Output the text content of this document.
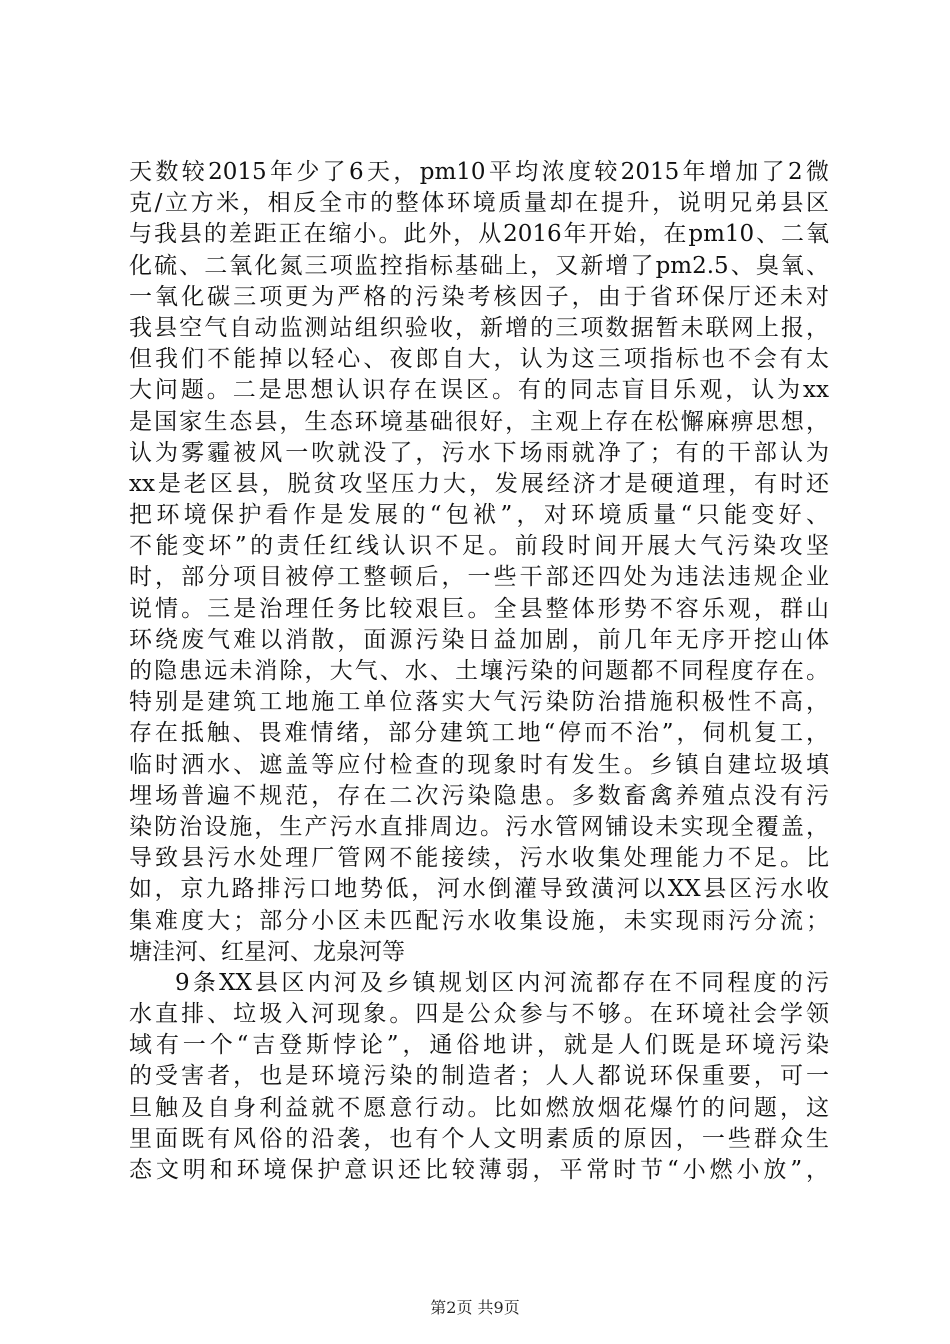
天数较2015年少了6天，pm10平均浓度较2015年增加了2微
克/立方米，相反全市的整体环境质量却在提升，说明兄弟县区
与我县的差距正在缩小。此外，从2016年开始，在pm10、二氧
化硫、二氧化氮三项监控指标基础上，又新增了pm2.5、臭氧、
一氧化碳三项更为严格的污染考核因子，由于省环保厅还未对
我县空气自动监测站组织验收，新增的三项数据暂未联网上报，
但我们不能掉以轻心、夜郎自大，认为这三项指标也不会有太
大问题。二是思想认识存在误区。有的同志盲目乐观，认为xx
是国家生态县，生态环境基础很好，主观上存在松懈麻痹思想，
认为雾霾被风一吹就没了，污水下场雨就净了；有的干部认为
xx是老区县，脱贫攻坚压力大，发展经济才是硬道理，有时还
把环境保护看作是发展的“包袱”，对环境质量“只能变好、
不能变坏”的责任红线认识不足。前段时间开展大气污染攻坚
时，部分项目被停工整顿后，一些干部还四处为违法违规企业
说情。三是治理任务比较艰巨。全县整体形势不容乐观，群山
环绕废气难以消散，面源污染日益加剧，前几年无序开挖山体
的隐患远未消除，大气、水、土壤污染的问题都不同程度存在。
特别是建筑工地施工单位落实大气污染防治措施积极性不高，
存在抵触、畏难情绪，部分建筑工地“停而不治”，伺机复工，
临时洒水、遮盖等应付检查的现象时有发生。乡镇自建垃圾填
埋场普遍不规范，存在二次污染隐患。多数畜禽养殖点没有污
染防治设施，生产污水直排周边。污水管网铺设未实现全覆盖，
导致县污水处理厂管网不能接续，污水收集处理能力不足。比
如，京九路排污口地势低，河水倒灌导致潢河以XX县区污水收
集难度大；部分小区未匹配污水收集设施，未实现雨污分流；
塘洼河、红星河、龙泉河等
9条XX县区内河及乡镇规划区内河流都存在不同程度的污
水直排、垃圾入河现象。四是公众参与不够。在环境社会学领
域有一个“吉登斯悖论”，通俗地讲，就是人们既是环境污染
的受害者，也是环境污染的制造者；人人都说环保重要，可一
旦触及自身利益就不愿意行动。比如燃放烟花爆竹的问题，这
里面既有风俗的沿袭，也有个人文明素质的原因，一些群众生
态文明和环境保护意识还比较薄弱，平常时节“小燃小放”，
第2页 共9页
